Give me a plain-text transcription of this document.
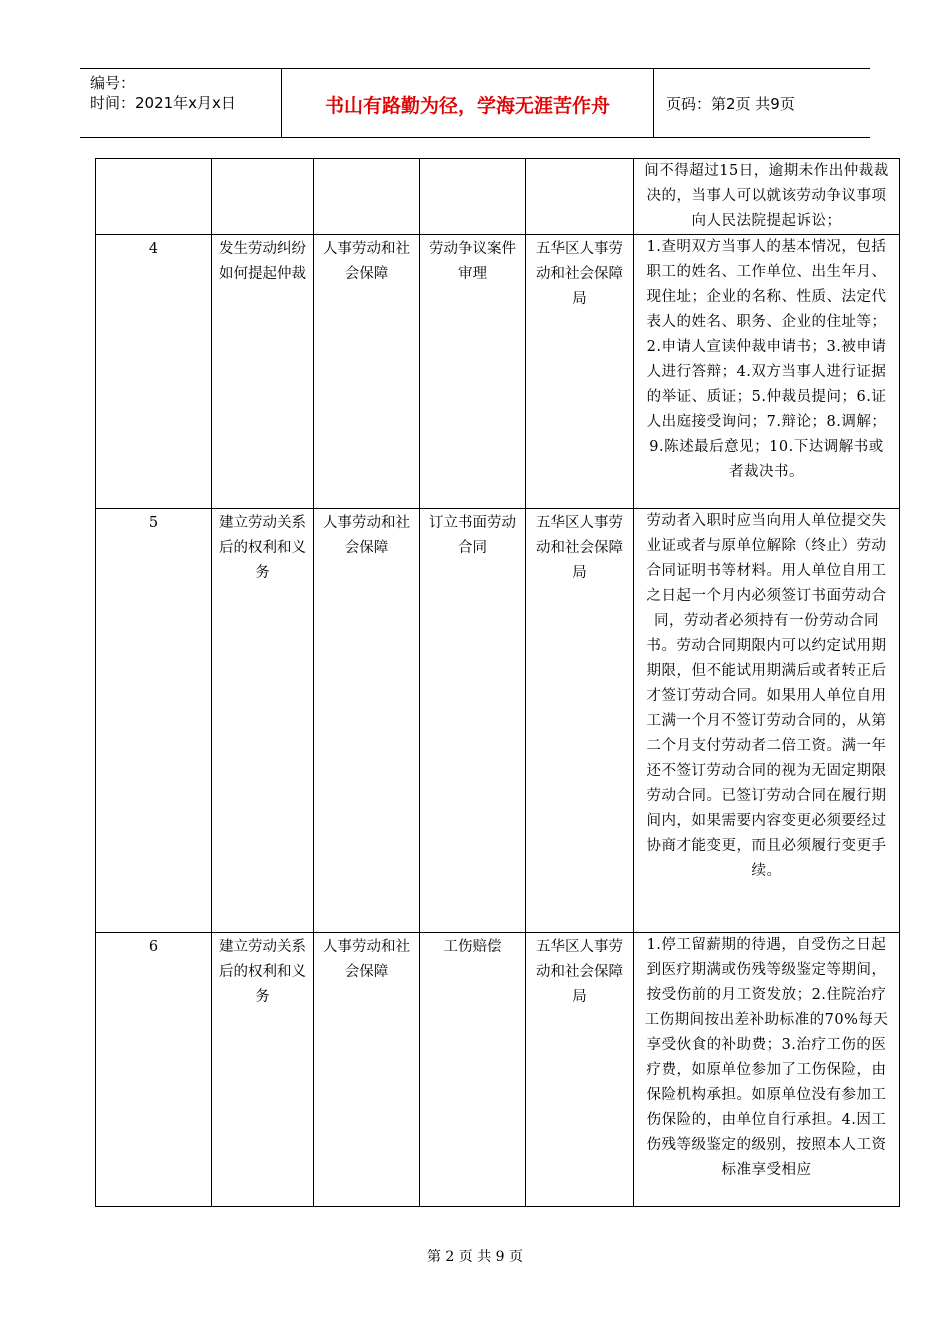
编号：
时间：2021年x月x日	书山有路勤为径，学海无涯苦作舟	页码：第2页 共9页
					间不得超过15日，逾期未作出仲裁裁决的，当事人可以就该劳动争议事项向人民法院提起诉讼；
4	发生劳动纠纷如何提起仲裁	人事劳动和社会保障	劳动争议案件审理	五华区人事劳动和社会保障局	1.查明双方当事人的基本情况，包括职工的姓名、工作单位、出生年月、现住址；企业的名称、性质、法定代表人的姓名、职务、企业的住址等；2.申请人宣读仲裁申请书；3.被申请人进行答辩；4.双方当事人进行证据的举证、质证；5.仲裁员提问；6.证人出庭接受询问；7.辩论；8.调解；9.陈述最后意见；10.下达调解书或者裁决书。
5	建立劳动关系后的权利和义务	人事劳动和社会保障	订立书面劳动合同	五华区人事劳动和社会保障局	劳动者入职时应当向用人单位提交失业证或者与原单位解除（终止）劳动合同证明书等材料。用人单位自用工之日起一个月内必须签订书面劳动合同，劳动者必须持有一份劳动合同书。劳动合同期限内可以约定试用期期限，但不能试用期满后或者转正后才签订劳动合同。如果用人单位自用工满一个月不签订劳动合同的，从第二个月支付劳动者二倍工资。满一年还不签订劳动合同的视为无固定期限劳动合同。已签订劳动合同在履行期间内，如果需要内容变更必须要经过协商才能变更，而且必须履行变更手续。
6	建立劳动关系后的权利和义务	人事劳动和社会保障	工伤赔偿	五华区人事劳动和社会保障局	1.停工留薪期的待遇，自受伤之日起到医疗期满或伤残等级鉴定等期间，按受伤前的月工资发放；2.住院治疗工伤期间按出差补助标准的70%每天享受伙食的补助费；3.治疗工伤的医疗费，如原单位参加了工伤保险，由保险机构承担。如原单位没有参加工伤保险的，由单位自行承担。4.因工伤残等级鉴定的级别，按照本人工资标准享受相应
第 2 页 共 9 页
